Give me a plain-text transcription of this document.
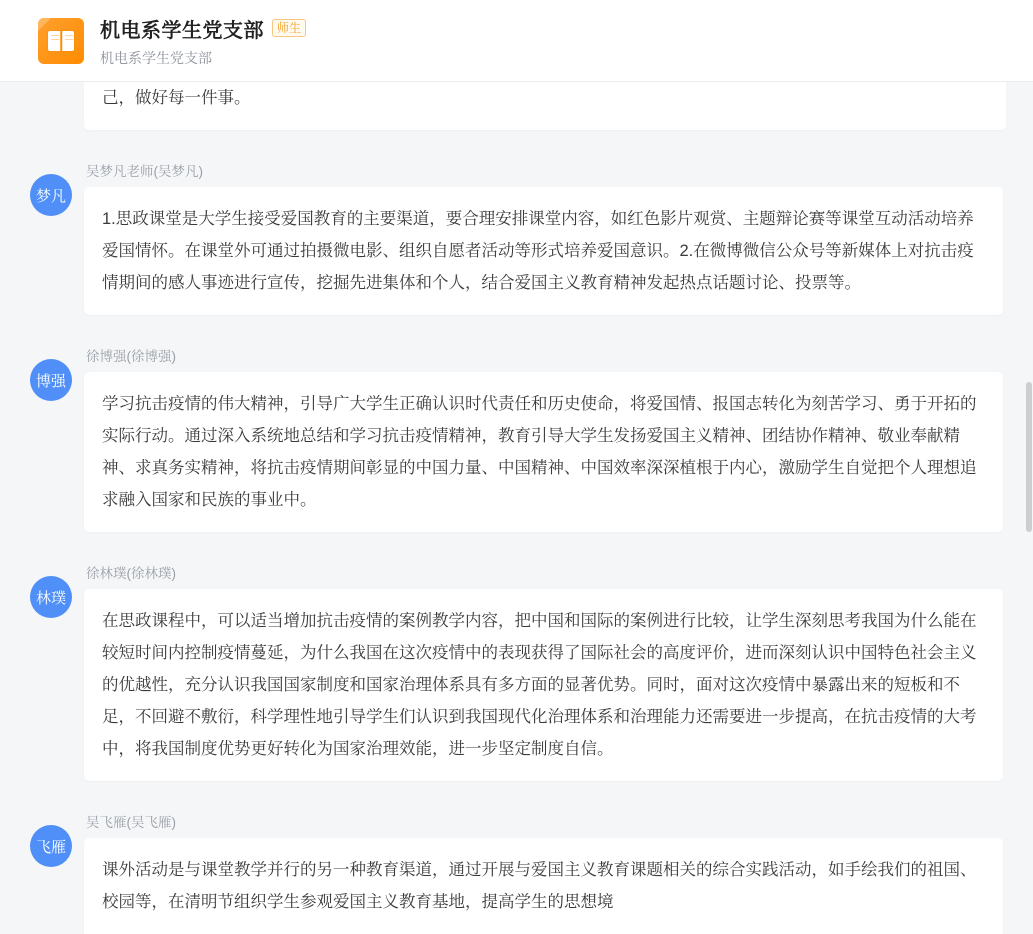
机电系学生党支部	师生
机电系学生党支部
己，做好每一件事。
梦凡
吴梦凡老师(吴梦凡)
1.思政课堂是大学生接受爱国教育的主要渠道，要合理安排课堂内容，如红色影片观赏、主题辩论赛等课堂互动活动培养爱国情怀。在课堂外可通过拍摄微电影、组织自愿者活动等形式培养爱国意识。2.在微博微信公众号等新媒体上对抗击疫情期间的感人事迹进行宣传，挖掘先进集体和个人，结合爱国主义教育精神发起热点话题讨论、投票等。
博强
徐博强(徐博强)
学习抗击疫情的伟大精神，引导广大学生正确认识时代责任和历史使命，将爱国情、报国志转化为刻苦学习、勇于开拓的实际行动。通过深入系统地总结和学习抗击疫情精神，教育引导大学生发扬爱国主义精神、团结协作精神、敬业奉献精神、求真务实精神，将抗击疫情期间彰显的中国力量、中国精神、中国效率深深植根于内心，激励学生自觉把个人理想追求融入国家和民族的事业中。
林璞
徐林璞(徐林璞)
在思政课程中，可以适当增加抗击疫情的案例教学内容，把中国和国际的案例进行比较，让学生深刻思考我国为什么能在较短时间内控制疫情蔓延，为什么我国在这次疫情中的表现获得了国际社会的高度评价，进而深刻认识中国特色社会主义的优越性，充分认识我国国家制度和国家治理体系具有多方面的显著优势。同时，面对这次疫情中暴露出来的短板和不足，不回避不敷衍，科学理性地引导学生们认识到我国现代化治理体系和治理能力还需要进一步提高，在抗击疫情的大考中，将我国制度优势更好转化为国家治理效能，进一步坚定制度自信。
飞雁
吴飞雁(吴飞雁)
课外活动是与课堂教学并行的另一种教育渠道，通过开展与爱国主义教育课题相关的综合实践活动，如手绘我们的祖国、校园等，在清明节组织学生参观爱国主义教育基地，提高学生的思想境
